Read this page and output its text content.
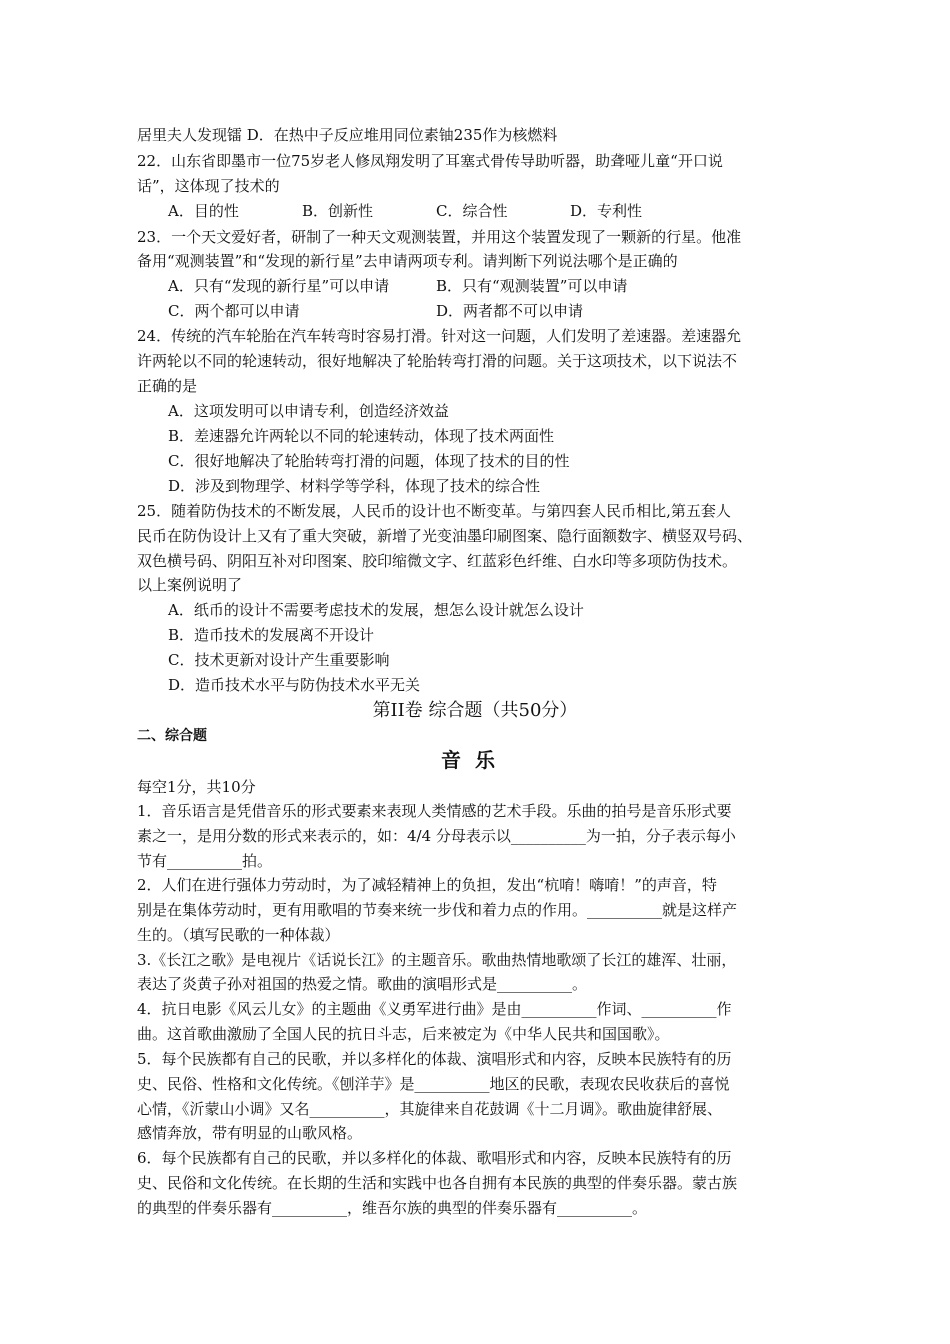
居里夫人发现镭 D．在热中子反应堆用同位素铀235作为核燃料
22．山东省即墨市一位75岁老人修凤翔发明了耳塞式骨传导助听器，助聋哑儿童“开口说
话”，这体现了技术的
A．目的性	B．创新性	C．综合性	D．专利性
23．一个天文爱好者，研制了一种天文观测装置，并用这个装置发现了一颗新的行星。他准
备用“观测装置”和“发现的新行星”去申请两项专利。请判断下列说法哪个是正确的
A．只有“发现的新行星”可以申请	B．只有“观测装置”可以申请
C．两个都可以申请	D．两者都不可以申请
24．传统的汽车轮胎在汽车转弯时容易打滑。针对这一问题，人们发明了差速器。差速器允
许两轮以不同的轮速转动，很好地解决了轮胎转弯打滑的问题。关于这项技术，以下说法不
正确的是
A．这项发明可以申请专利，创造经济效益
B．差速器允许两轮以不同的轮速转动，体现了技术两面性
C．很好地解决了轮胎转弯打滑的问题，体现了技术的目的性
D．涉及到物理学、材料学等学科，体现了技术的综合性
25．随着防伪技术的不断发展，人民币的设计也不断变革。与第四套人民币相比,第五套人
民币在防伪设计上又有了重大突破，新增了光变油墨印刷图案、隐行面额数字、横竖双号码、
双色横号码、阴阳互补对印图案、胶印缩微文字、红蓝彩色纤维、白水印等多项防伪技术。
以上案例说明了
A．纸币的设计不需要考虑技术的发展，想怎么设计就怎么设计
B．造币技术的发展离不开设计
C．技术更新对设计产生重要影响
D．造币技术水平与防伪技术水平无关
第II卷 综合题（共50分）
二、综合题
音乐
每空1分，共10分
1．音乐语言是凭借音乐的形式要素来表现人类情感的艺术手段。乐曲的拍号是音乐形式要
素之一，是用分数的形式来表示的，如：4/4 分母表示以__________为一拍，分子表示每小
节有__________拍。
2．人们在进行强体力劳动时，为了减轻精神上的负担，发出“杭唷！嗨唷！”的声音，特
别是在集体劳动时，更有用歌唱的节奏来统一步伐和着力点的作用。__________就是这样产
生的。（填写民歌的一种体裁）
3.《长江之歌》是电视片《话说长江》的主题音乐。歌曲热情地歌颂了长江的雄浑、壮丽，
表达了炎黄子孙对祖国的热爱之情。歌曲的演唱形式是__________。
4．抗日电影《风云儿女》的主题曲《义勇军进行曲》是由__________作词、__________作
曲。这首歌曲激励了全国人民的抗日斗志，后来被定为《中华人民共和国国歌》。
5．每个民族都有自己的民歌，并以多样化的体裁、演唱形式和内容，反映本民族特有的历
史、民俗、性格和文化传统。《刨洋芋》是__________地区的民歌，表现农民收获后的喜悦
心情，《沂蒙山小调》又名__________，其旋律来自花鼓调《十二月调》。歌曲旋律舒展、
感情奔放，带有明显的山歌风格。
6．每个民族都有自己的民歌，并以多样化的体裁、歌唱形式和内容，反映本民族特有的历
史、民俗和文化传统。在长期的生活和实践中也各自拥有本民族的典型的伴奏乐器。蒙古族
的典型的伴奏乐器有__________，维吾尔族的典型的伴奏乐器有__________。
